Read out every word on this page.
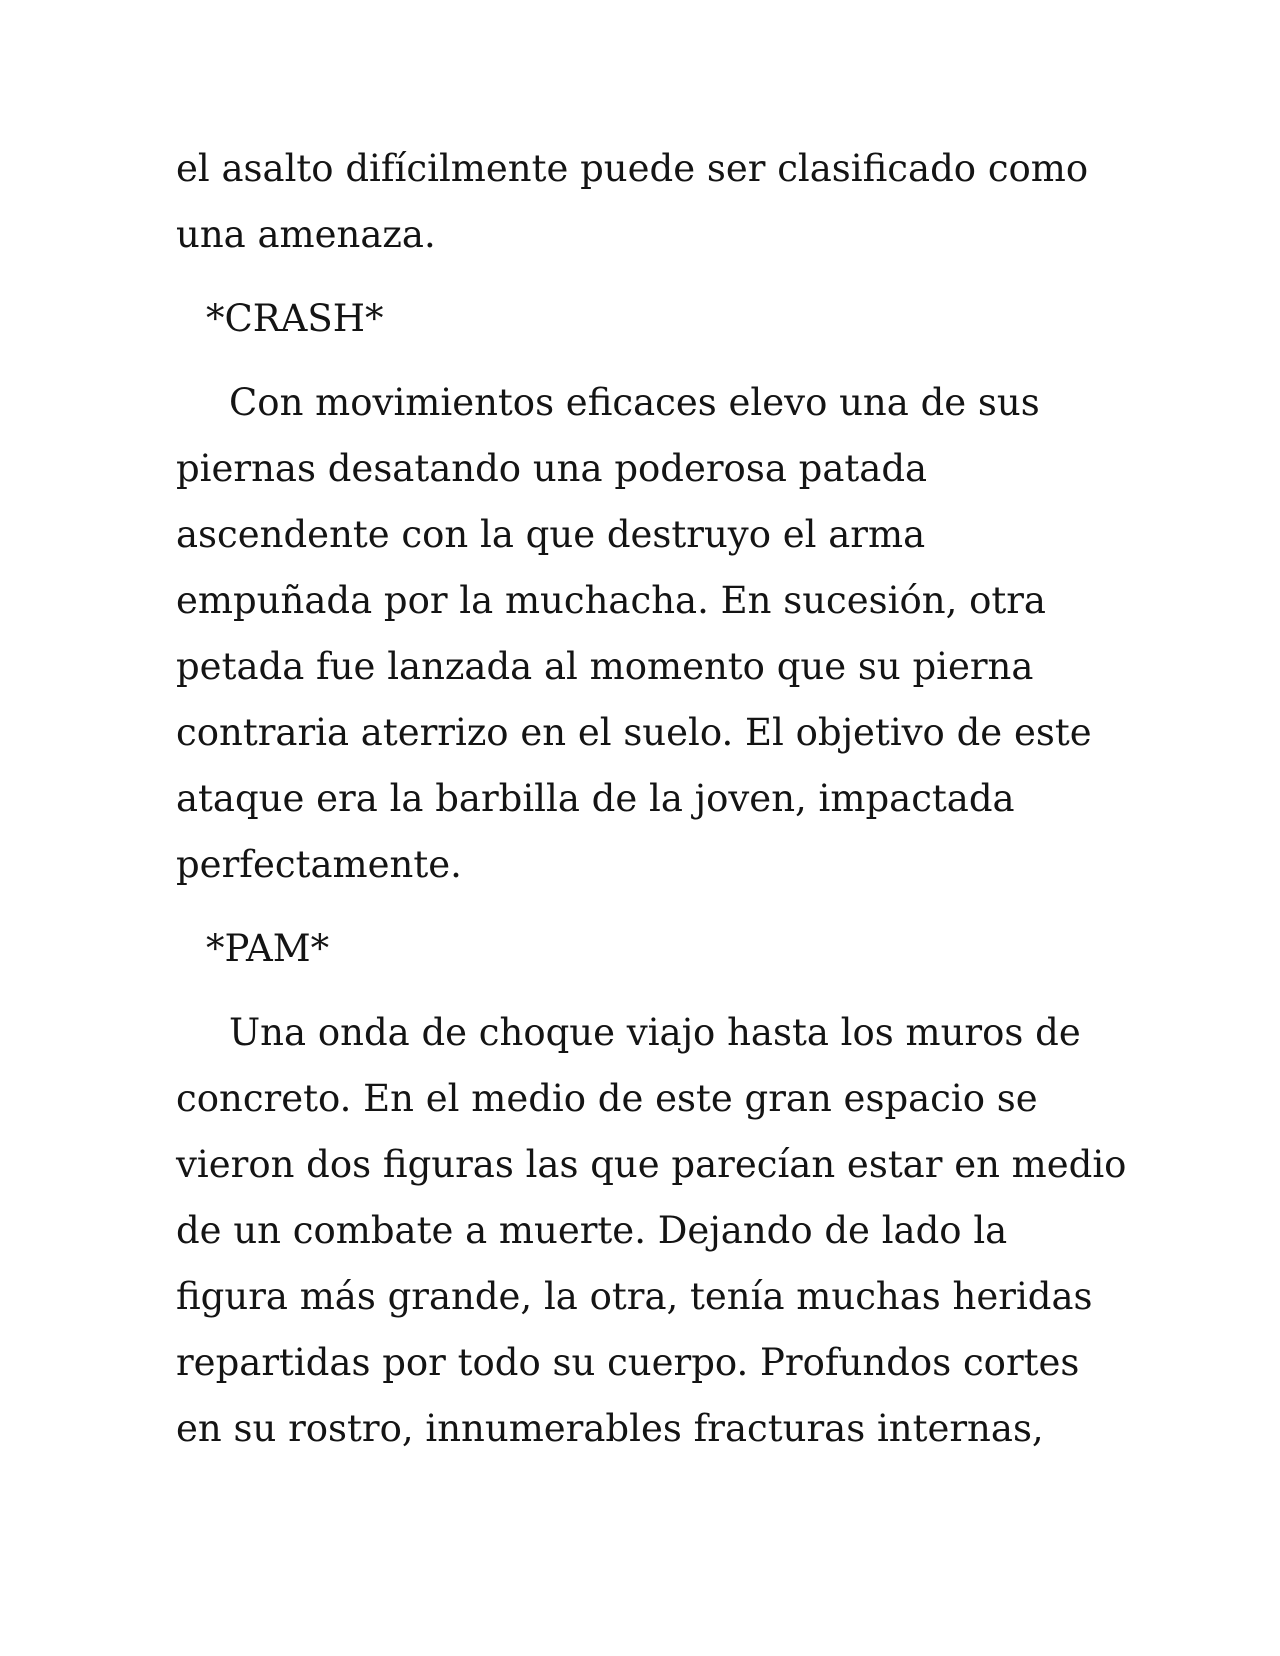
el asalto difícilmente puede ser clasificado como
una amenaza.
*CRASH*
Con movimientos eficaces elevo una de sus
piernas desatando una poderosa patada
ascendente con la que destruyo el arma
empuñada por la muchacha. En sucesión, otra
petada fue lanzada al momento que su pierna
contraria aterrizo en el suelo. El objetivo de este
ataque era la barbilla de la joven, impactada
perfectamente.
*PAM*
Una onda de choque viajo hasta los muros de
concreto. En el medio de este gran espacio se
vieron dos figuras las que parecían estar en medio
de un combate a muerte. Dejando de lado la
figura más grande, la otra, tenía muchas heridas
repartidas por todo su cuerpo. Profundos cortes
en su rostro, innumerables fracturas internas,
